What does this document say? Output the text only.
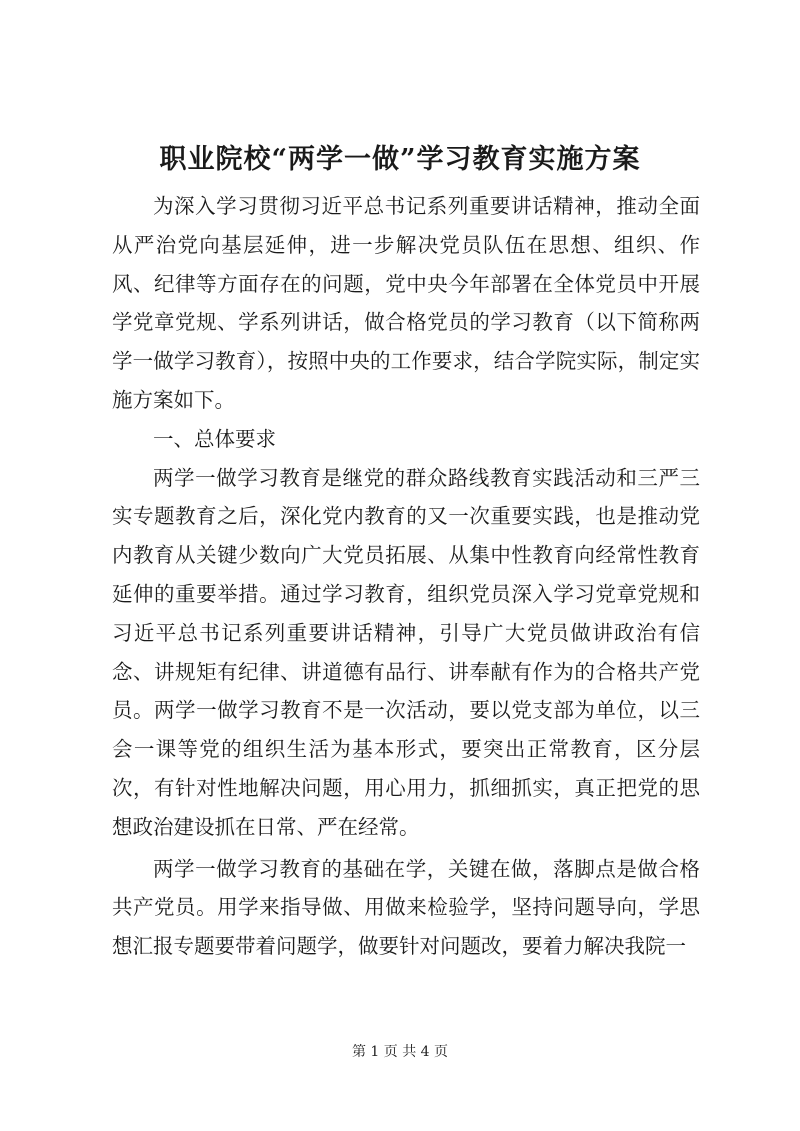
职业院校“两学一做”学习教育实施方案

为深入学习贯彻习近平总书记系列重要讲话精神，推动全面从严治党向基层延伸，进一步解决党员队伍在思想、组织、作风、纪律等方面存在的问题，党中央今年部署在全体党员中开展学党章党规、学系列讲话，做合格党员的学习教育（以下简称两学一做学习教育），按照中央的工作要求，结合学院实际，制定实施方案如下。

一、总体要求

两学一做学习教育是继党的群众路线教育实践活动和三严三实专题教育之后，深化党内教育的又一次重要实践，也是推动党内教育从关键少数向广大党员拓展、从集中性教育向经常性教育延伸的重要举措。通过学习教育，组织党员深入学习党章党规和习近平总书记系列重要讲话精神，引导广大党员做讲政治有信念、讲规矩有纪律、讲道德有品行、讲奉献有作为的合格共产党员。两学一做学习教育不是一次活动，要以党支部为单位，以三会一课等党的组织生活为基本形式，要突出正常教育，区分层次，有针对性地解决问题，用心用力，抓细抓实，真正把党的思想政治建设抓在日常、严在经常。

两学一做学习教育的基础在学，关键在做，落脚点是做合格共产党员。用学来指导做、用做来检验学，坚持问题导向，学思想汇报专题要带着问题学，做要针对问题改，要着力解决我院一

第 1 页 共 4 页
